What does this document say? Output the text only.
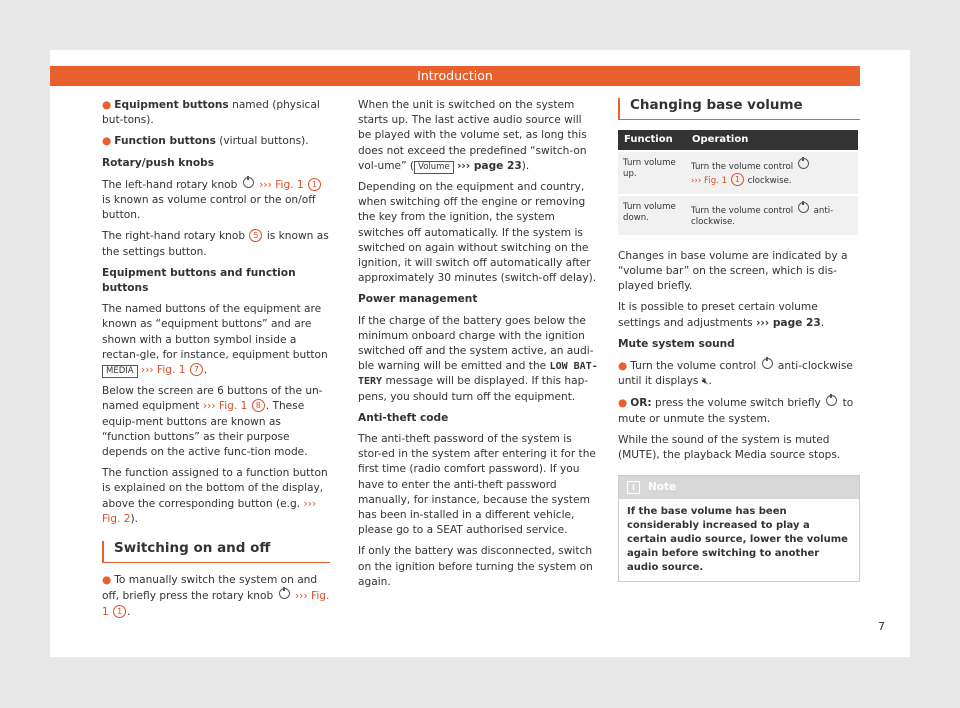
Introduction

● Equipment buttons named (physical but-tons).

● Function buttons (virtual buttons).

Rotary/push knobs

The left-hand rotary knob ››› Fig. 1 1 is known as volume control or the on/off button.

The right-hand rotary knob 5 is known as the settings button.

Equipment buttons and function buttons

The named buttons of the equipment are known as “equipment buttons” and are shown with a button symbol inside a rectan-gle, for instance, equipment button MEDIA ››› Fig. 1 7 .

Below the screen are 6 buttons of the un-named equipment ››› Fig. 1 8 . These equip-ment buttons are known as “function buttons” as their purpose depends on the active func-tion mode.

The function assigned to a function button is explained on the bottom of the display, above the corresponding button (e.g. ››› Fig. 2).

Switching on and off

● To manually switch the system on and off, briefly press the rotary knob ››› Fig. 1 1 .

When the unit is switched on the system starts up. The last active audio source will be played with the volume set, as long this does not exceed the predefined “switch-on vol-ume” ( Volume ››› page 23).

Depending on the equipment and country, when switching off the engine or removing the key from the ignition, the system switches off automatically. If the system is switched on again without switching on the ignition, it will switch off automatically after approximately 30 minutes (switch-off delay).

Power management

If the charge of the battery goes below the minimum onboard charge with the ignition switched off and the system active, an audi-ble warning will be emitted and the LOW BAT-TERY message will be displayed. If this hap-pens, you should turn off the equipment.

Anti-theft code

The anti-theft password of the system is stor-ed in the system after entering it for the first time (radio comfort password). If you have to enter the anti-theft password manually, for instance, because the system has been in-stalled in a different vehicle, please go to a SEAT authorised service.

If only the battery was disconnected, switch on the ignition before turning the system on again.

Changing base volume
Function	Operation
Turn volume up.	Turn the volume control
››› Fig. 1 1 clockwise.
Turn volume down.	Turn the volume control  anti-clockwise.

Changes in base volume are indicated by a “volume bar” on the screen, which is dis-played briefly.

It is possible to preset certain volume settings and adjustments ››› page 23.

Mute system sound

● Turn the volume control  anti-clockwise until it displays 🔇︎.

● OR: press the volume switch briefly  to mute or unmute the system.

While the sound of the system is muted (MUTE), the playback Media source stops.

i Note
If the base volume has been considerably increased to play a certain audio source, lower the volume again before switching to another audio source.
7
